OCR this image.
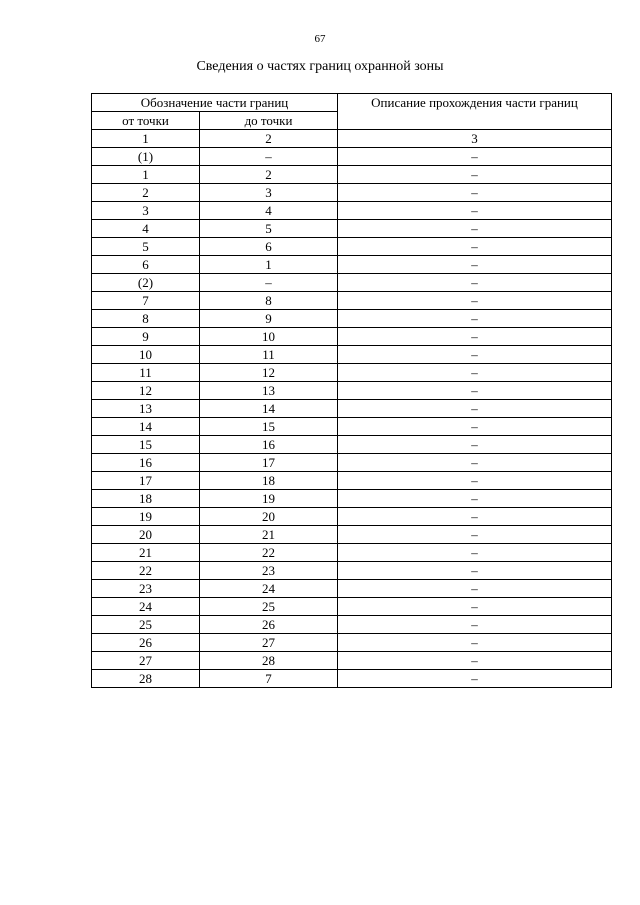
67
Сведения о частях границ охранной зоны
Обозначение части границ		Описание прохождения части границ
от точки	до точки	
1	2	3
(1)	–	–
1	2	–
2	3	–
3	4	–
4	5	–
5	6	–
6	1	–
(2)	–	–
7	8	–
8	9	–
9	10	–
10	11	–
11	12	–
12	13	–
13	14	–
14	15	–
15	16	–
16	17	–
17	18	–
18	19	–
19	20	–
20	21	–
21	22	–
22	23	–
23	24	–
24	25	–
25	26	–
26	27	–
27	28	–
28	7	–
